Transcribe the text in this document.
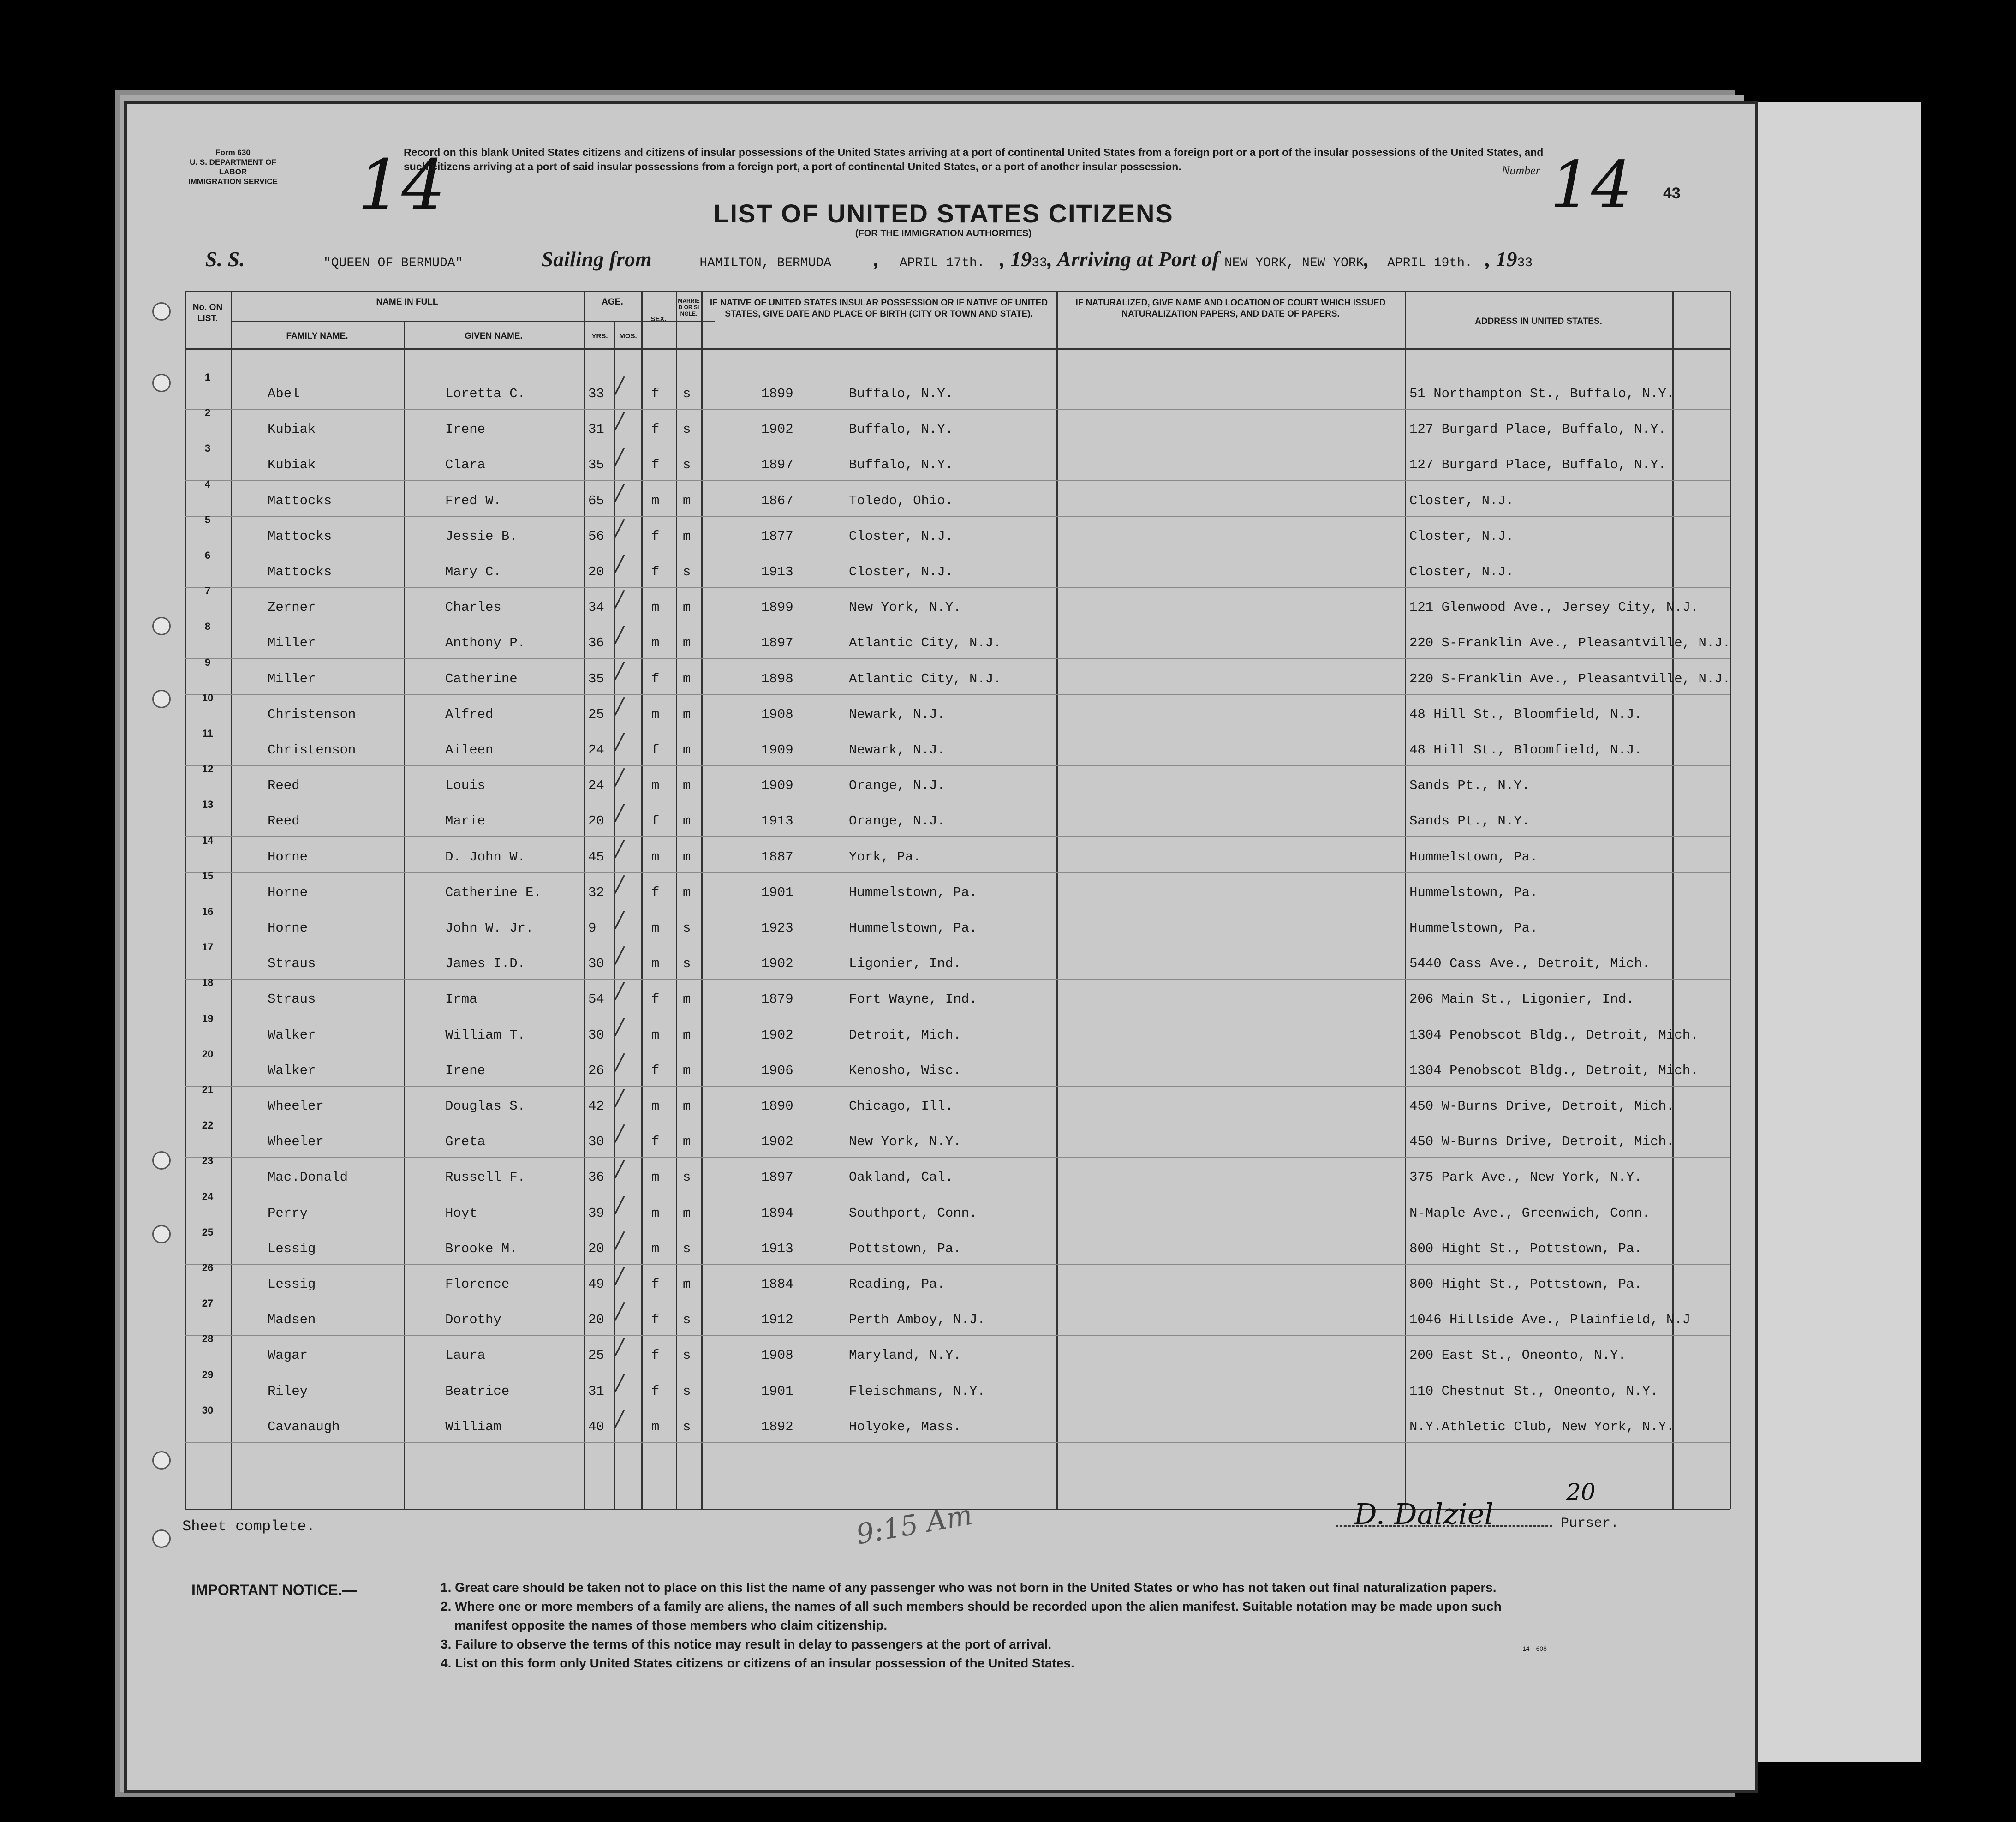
Form 630
U. S. DEPARTMENT OF LABOR
IMMIGRATION SERVICE 14
Record on this blank United States citizens and citizens of insular possessions of the United States arriving at a port of continental United States from a foreign port or a port of the insular possessions of the United States, and such citizens arriving at a port of said insular possessions from a foreign port, a port of continental United States, or a port of another insular possession.	Number 14 43
LIST OF UNITED STATES CITIZENS
(FOR THE IMMIGRATION AUTHORITIES)
S. S.	"QUEEN OF BERMUDA"	Sailing from	HAMILTON, BERMUDA , APRIL 17th. , 1933, Arriving at Port of NEW YORK, NEW YORK, APRIL 19th. , 1933
No. ON LIST.
NAME IN FULL
FAMILY NAME.	GIVEN NAME.
AGE.
YRS.	MOS.
SEX.
MARRIED OR SINGLE.
IF NATIVE OF UNITED STATES INSULAR POSSESSION OR IF NATIVE OF UNITED STATES, GIVE DATE AND PLACE OF BIRTH (CITY OR TOWN AND STATE).
IF NATURALIZED, GIVE NAME AND LOCATION OF COURT WHICH ISSUED NATURALIZATION PAPERS, AND DATE OF PAPERS.
ADDRESS IN UNITED STATES.
1
Abel	Loretta C.	33	f s	1899	Buffalo, N.Y.	51 Northampton St., Buffalo, N.Y.
/
2
Kubiak	Irene	31	f s	1902	Buffalo, N.Y.	127 Burgard Place, Buffalo, N.Y.
/
3
Kubiak	Clara	35	f s	1897	Buffalo, N.Y.	127 Burgard Place, Buffalo, N.Y.
/
4
Mattocks	Fred W.	65	m m	1867	Toledo, Ohio.	Closter, N.J.
/
5
Mattocks	Jessie B.	56	f m	1877	Closter, N.J.	Closter, N.J.
/
6
Mattocks	Mary C.	20	f s	1913	Closter, N.J.	Closter, N.J.
/
7
Zerner	Charles	34	m m	1899	New York, N.Y.	121 Glenwood Ave., Jersey City, N.J.
/
8
Miller	Anthony P.	36	m m	1897	Atlantic City, N.J.	220 S-Franklin Ave., Pleasantville, N.J.
/
9
Miller	Catherine	35	f m	1898	Atlantic City, N.J.	220 S-Franklin Ave., Pleasantville, N.J.
/
10
Christenson	Alfred	25	m m	1908	Newark, N.J.	48 Hill St., Bloomfield, N.J.
/
11
Christenson	Aileen	24	f m	1909	Newark, N.J.	48 Hill St., Bloomfield, N.J.
/
12
Reed	Louis	24	m m	1909	Orange, N.J.	Sands Pt., N.Y.
/
13
Reed	Marie	20	f m	1913	Orange, N.J.	Sands Pt., N.Y.
/
14
Horne	D. John W.	45	m m	1887	York, Pa.	Hummelstown, Pa.
/
15
Horne	Catherine E.	32	f m	1901	Hummelstown, Pa.	Hummelstown, Pa.
/
16
Horne	John W. Jr.	9	m s	1923	Hummelstown, Pa.	Hummelstown, Pa.
/
17
Straus	James I.D.	30	m s	1902	Ligonier, Ind.	5440 Cass Ave., Detroit, Mich.
/
18
Straus	Irma	54	f m	1879	Fort Wayne, Ind.	206 Main St., Ligonier, Ind.
/
19
Walker	William T.	30	m m	1902	Detroit, Mich.	1304 Penobscot Bldg., Detroit, Mich.
/
20
Walker	Irene	26	f m	1906	Kenosho, Wisc.	1304 Penobscot Bldg., Detroit, Mich.
/
21
Wheeler	Douglas S.	42	m m	1890	Chicago, Ill.	450 W-Burns Drive, Detroit, Mich.
/
22
Wheeler	Greta	30	f m	1902	New York, N.Y.	450 W-Burns Drive, Detroit, Mich.
/
23
Mac.Donald	Russell F.	36	m s	1897	Oakland, Cal.	375 Park Ave., New York, N.Y.
/
24
Perry	Hoyt	39	m m	1894	Southport, Conn.	N-Maple Ave., Greenwich, Conn.
/
25
Lessig	Brooke M.	20	m s	1913	Pottstown, Pa.	800 Hight St., Pottstown, Pa.
/
26
Lessig	Florence	49	f m	1884	Reading, Pa.	800 Hight St., Pottstown, Pa.
/
27
Madsen	Dorothy	20	f s	1912	Perth Amboy, N.J.	1046 Hillside Ave., Plainfield, N.J
/
28
Wagar	Laura	25	f s	1908	Maryland, N.Y.	200 East St., Oneonto, N.Y.
/
29
Riley	Beatrice	31	f s	1901	Fleischmans, N.Y.	110 Chestnut St., Oneonto, N.Y.
/
30
Cavanaugh	William	40	m s	1892	Holyoke, Mass.	N.Y.Athletic Club, New York, N.Y.
/
Sheet complete.	D. Dalziel	Purser.
20
9:15 Am
IMPORTANT NOTICE.—	1. Great care should be taken not to place on this list the name of any passenger who was not born in the United States or who has not taken out final naturalization papers.
2. Where one or more members of a family are aliens, the names of all such members should be recorded upon the alien manifest. Suitable notation may be made upon such
manifest opposite the names of those members who claim citizenship.
3. Failure to observe the terms of this notice may result in delay to passengers at the port of arrival.
4. List on this form only United States citizens or citizens of an insular possession of the United States.
14—608
